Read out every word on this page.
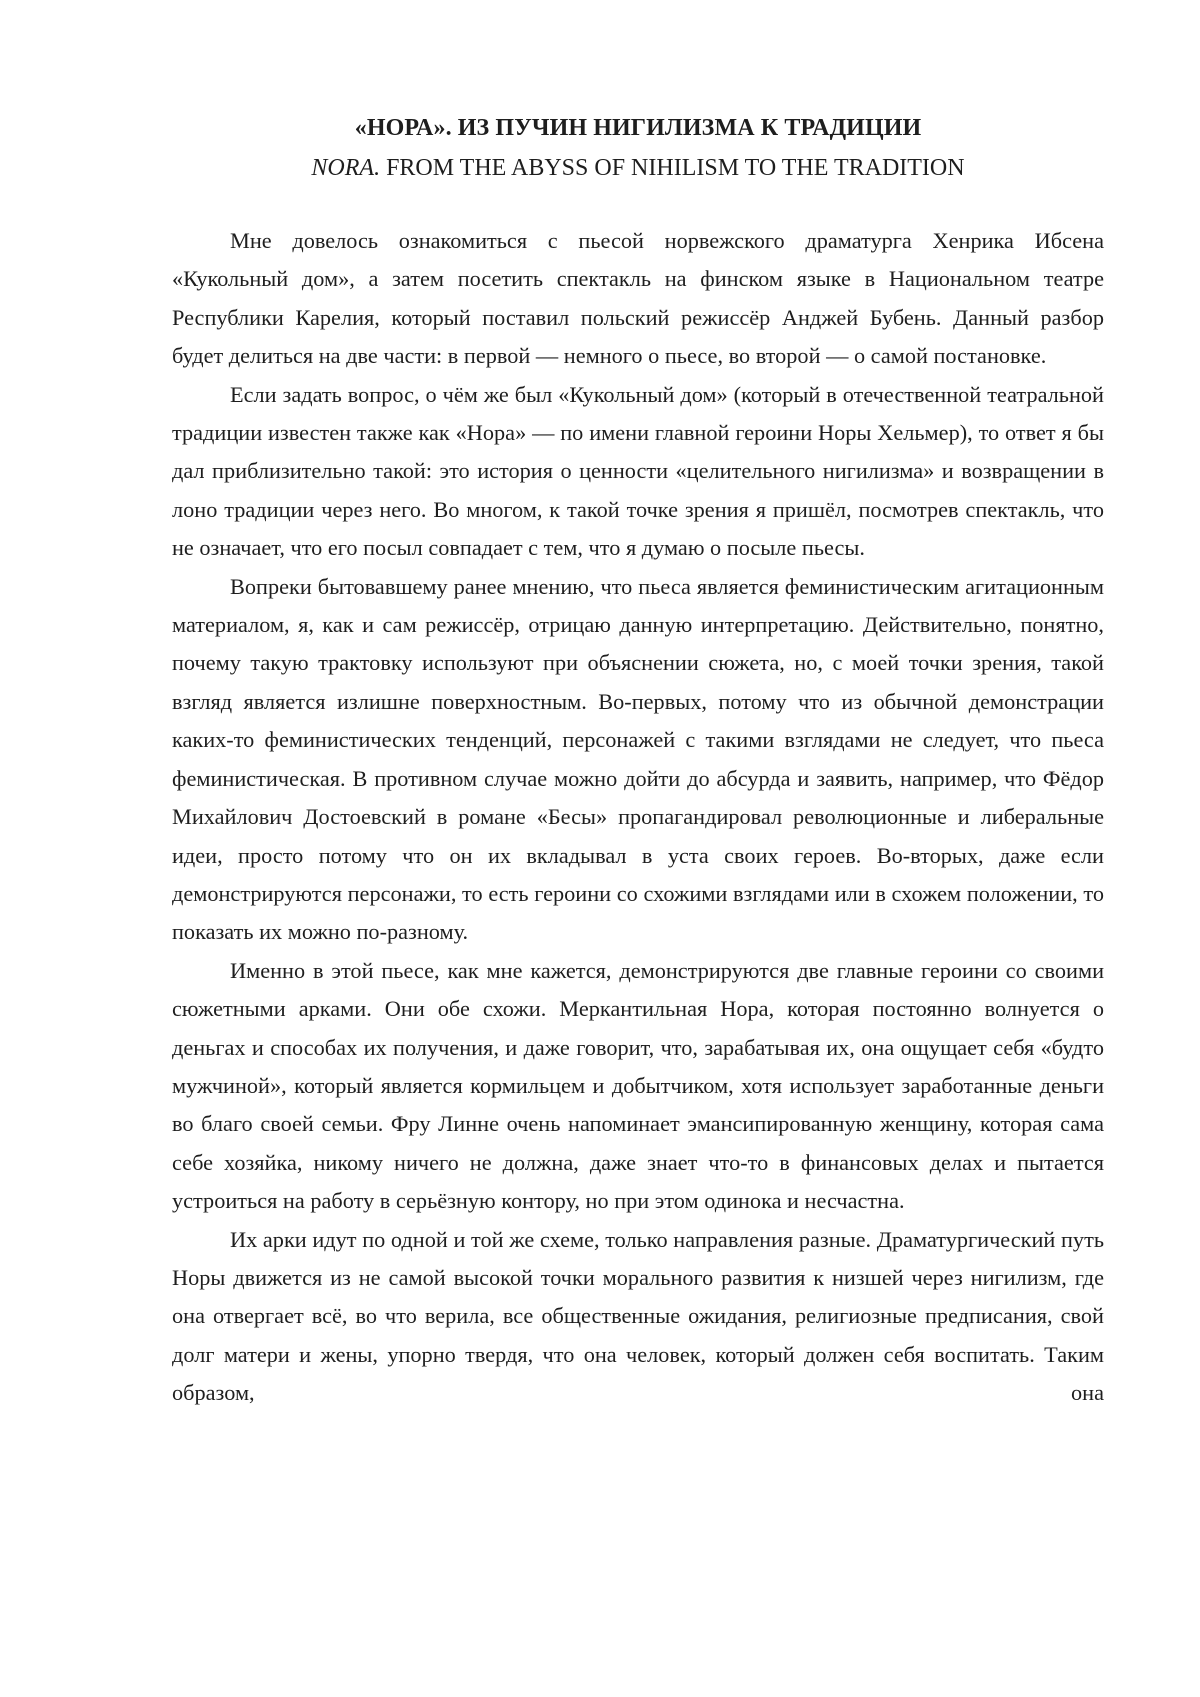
«НОРА». ИЗ ПУЧИН НИГИЛИЗМА К ТРАДИЦИИ
NORA. FROM THE ABYSS OF NIHILISM TO THE TRADITION

Мне довелось ознакомиться с пьесой норвежского драматурга Хенрика Ибсена «Кукольный дом», а затем посетить спектакль на финском языке в Национальном театре Республики Карелия, который поставил польский режиссёр Анджей Бубень. Данный разбор будет делиться на две части: в первой — немного о пьесе, во второй — о самой постановке.

Если задать вопрос, о чём же был «Кукольный дом» (который в отечественной театральной традиции известен также как «Нора» — по имени главной героини Норы Хельмер), то ответ я бы дал приблизительно такой: это история о ценности «целительного нигилизма» и возвращении в лоно традиции через него. Во многом, к такой точке зрения я пришёл, посмотрев спектакль, что не означает, что его посыл совпадает с тем, что я думаю о посыле пьесы.

Вопреки бытовавшему ранее мнению, что пьеса является феминистическим агитационным материалом, я, как и сам режиссёр, отрицаю данную интерпретацию. Действительно, понятно, почему такую трактовку используют при объяснении сюжета, но, с моей точки зрения, такой взгляд является излишне поверхностным. Во-первых, потому что из обычной демонстрации каких-то феминистических тенденций, персонажей с такими взглядами не следует, что пьеса феминистическая. В противном случае можно дойти до абсурда и заявить, например, что Фёдор Михайлович Достоевский в романе «Бесы» пропагандировал революционные и либеральные идеи, просто потому что он их вкладывал в уста своих героев. Во-вторых, даже если демонстрируются персонажи, то есть героини со схожими взглядами или в схожем положении, то показать их можно по-разному.

Именно в этой пьесе, как мне кажется, демонстрируются две главные героини со своими сюжетными арками. Они обе схожи. Меркантильная Нора, которая постоянно волнуется о деньгах и способах их получения, и даже говорит, что, зарабатывая их, она ощущает себя «будто мужчиной», который является кормильцем и добытчиком, хотя использует заработанные деньги во благо своей семьи. Фру Линне очень напоминает эмансипированную женщину, которая сама себе хозяйка, никому ничего не должна, даже знает что-то в финансовых делах и пытается устроиться на работу в серьёзную контору, но при этом одинока и несчастна.

Их арки идут по одной и той же схеме, только направления разные. Драматургический путь Норы движется из не самой высокой точки морального развития к низшей через нигилизм, где она отвергает всё, во что верила, все общественные ожидания, религиозные предписания, свой долг матери и жены, упорно твердя, что она человек, который должен себя воспитать. Таким образом, она
